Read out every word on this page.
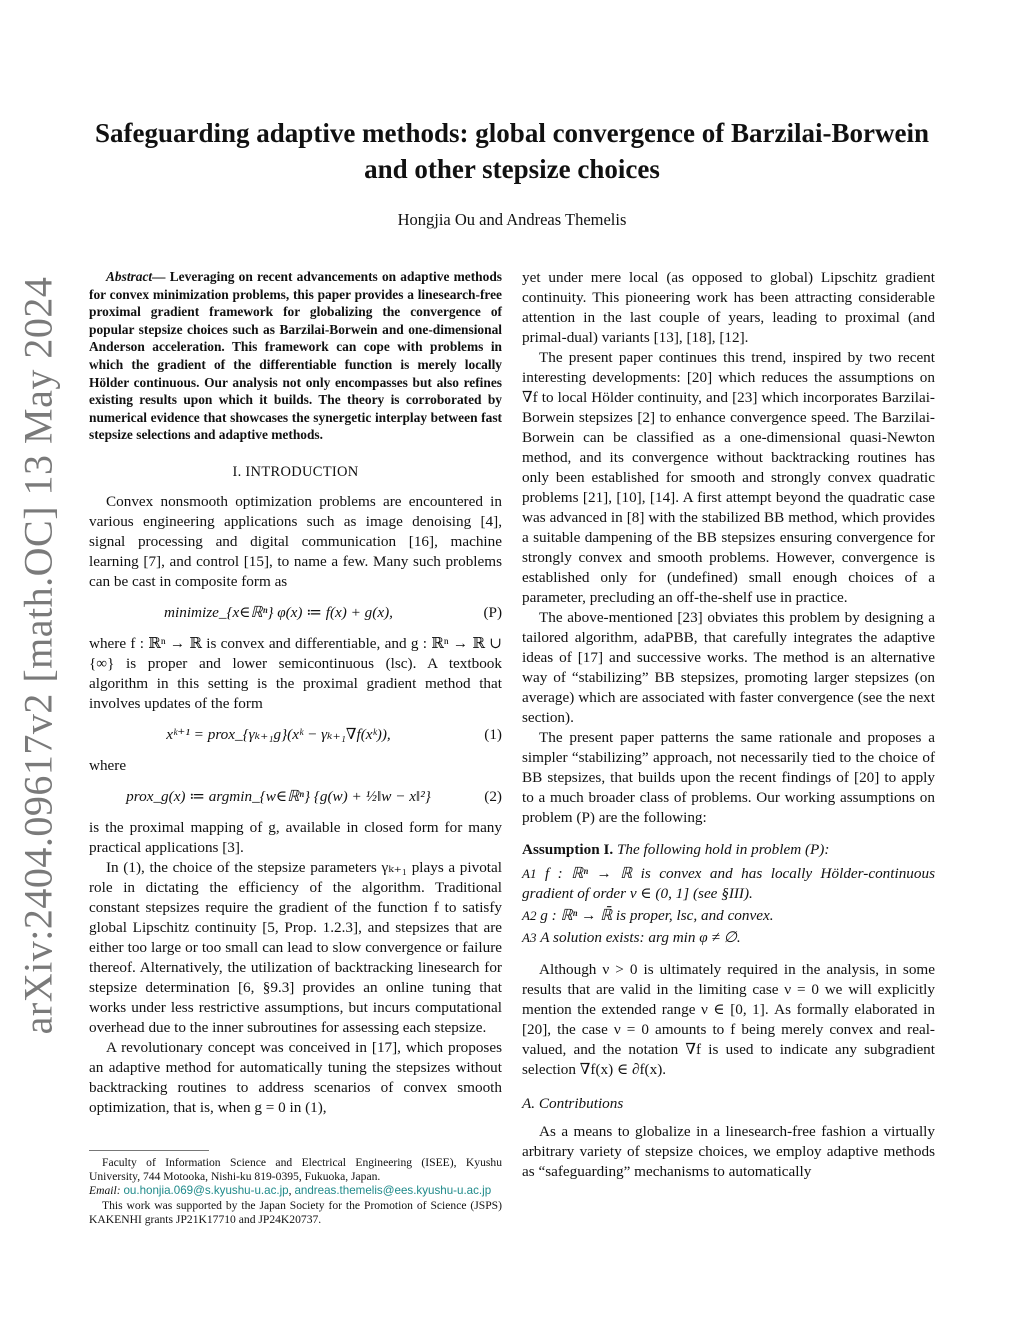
arXiv:2404.09617v2 [math.OC] 13 May 2024
Safeguarding adaptive methods: global convergence of Barzilai-Borwein and other stepsize choices
Hongjia Ou and Andreas Themelis
Abstract— Leveraging on recent advancements on adaptive methods for convex minimization problems, this paper provides a linesearch-free proximal gradient framework for globalizing the convergence of popular stepsize choices such as Barzilai-Borwein and one-dimensional Anderson acceleration. This framework can cope with problems in which the gradient of the differentiable function is merely locally Hölder continuous. Our analysis not only encompasses but also refines existing results upon which it builds. The theory is corroborated by numerical evidence that showcases the synergetic interplay between fast stepsize selections and adaptive methods.
I. INTRODUCTION

Convex nonsmooth optimization problems are encountered in various engineering applications such as image denoising [4], signal processing and digital communication [16], machine learning [7], and control [15], to name a few. Many such problems can be cast in composite form as

minimize_{x∈ℝⁿ} φ(x) ≔ f(x) + g(x),	(P)

where f : ℝⁿ → ℝ is convex and differentiable, and g : ℝⁿ → ℝ ∪ {∞} is proper and lower semicontinuous (lsc). A textbook algorithm in this setting is the proximal gradient method that involves updates of the form

xᵏ⁺¹ = prox_{γₖ₊₁g}(xᵏ − γₖ₊₁∇f(xᵏ)),	(1)

where

prox_g(x) ≔ argmin_{w∈ℝⁿ} {g(w) + ½‖w − x‖²}	(2)

is the proximal mapping of g, available in closed form for many practical applications [3].

In (1), the choice of the stepsize parameters γₖ₊₁ plays a pivotal role in dictating the efficiency of the algorithm. Traditional constant stepsizes require the gradient of the function f to satisfy global Lipschitz continuity [5, Prop. 1.2.3], and stepsizes that are either too large or too small can lead to slow convergence or failure thereof. Alternatively, the utilization of backtracking linesearch for stepsize determination [6, §9.3] provides an online tuning that works under less restrictive assumptions, but incurs computational overhead due to the inner subroutines for assessing each stepsize.

A revolutionary concept was conceived in [17], which proposes an adaptive method for automatically tuning the stepsizes without backtracking routines to address scenarios of convex smooth optimization, that is, when g = 0 in (1),

Faculty of Information Science and Electrical Engineering (ISEE), Kyushu University, 744 Motooka, Nishi-ku 819-0395, Fukuoka, Japan.

Email: ou.honjia.069@s.kyushu-u.ac.jp, andreas.themelis@ees.kyushu-u.ac.jp

This work was supported by the Japan Society for the Promotion of Science (JSPS) KAKENHI grants JP21K17710 and JP24K20737.

yet under mere local (as opposed to global) Lipschitz gradient continuity. This pioneering work has been attracting considerable attention in the last couple of years, leading to proximal (and primal-dual) variants [13], [18], [12].

The present paper continues this trend, inspired by two recent interesting developments: [20] which reduces the assumptions on ∇f to local Hölder continuity, and [23] which incorporates Barzilai-Borwein stepsizes [2] to enhance convergence speed. The Barzilai-Borwein can be classified as a one-dimensional quasi-Newton method, and its convergence without backtracking routines has only been established for smooth and strongly convex quadratic problems [21], [10], [14]. A first attempt beyond the quadratic case was advanced in [8] with the stabilized BB method, which provides a suitable dampening of the BB stepsizes ensuring convergence for strongly convex and smooth problems. However, convergence is established only for (undefined) small enough choices of a parameter, precluding an off-the-shelf use in practice.

The above-mentioned [23] obviates this problem by designing a tailored algorithm, adaPBB, that carefully integrates the adaptive ideas of [17] and successive works. The method is an alternative way of “stabilizing” BB stepsizes, promoting larger stepsizes (on average) which are associated with faster convergence (see the next section).

The present paper patterns the same rationale and proposes a simpler “stabilizing” approach, not necessarily tied to the choice of BB stepsizes, that builds upon the recent findings of [20] to apply to a much broader class of problems. Our working assumptions on problem (P) are the following:

Assumption I. The following hold in problem (P):
A1 f : ℝⁿ → ℝ is convex and has locally Hölder-continuous gradient of order ν ∈ (0, 1] (see §III).
A2 g : ℝⁿ → ℝ̄ is proper, lsc, and convex.
A3 A solution exists: arg min φ ≠ ∅.

Although ν > 0 is ultimately required in the analysis, in some results that are valid in the limiting case ν = 0 we will explicitly mention the extended range ν ∈ [0, 1]. As formally elaborated in [20], the case ν = 0 amounts to f being merely convex and real-valued, and the notation ∇f is used to indicate any subgradient selection ∇f(x) ∈ ∂f(x).

A. Contributions

As a means to globalize in a linesearch-free fashion a virtually arbitrary variety of stepsize choices, we employ adaptive methods as “safeguarding” mechanisms to automatically
